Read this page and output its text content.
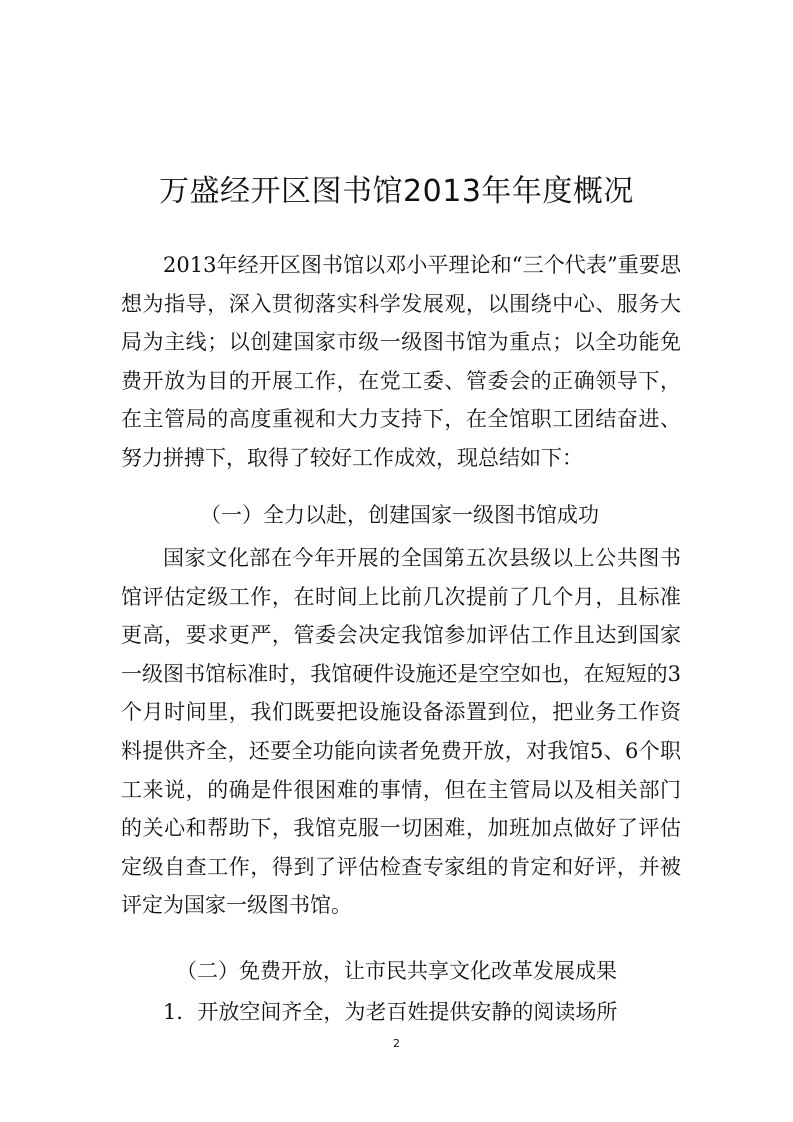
万盛经开区图书馆2013年年度概况

2013年经开区图书馆以邓小平理论和“三个代表”重要思想为指导，深入贯彻落实科学发展观，以围绕中心、服务大局为主线；以创建国家市级一级图书馆为重点；以全功能免费开放为目的开展工作，在党工委、管委会的正确领导下，在主管局的高度重视和大力支持下，在全馆职工团结奋进、努力拼搏下，取得了较好工作成效，现总结如下：

（一）全力以赴，创建国家一级图书馆成功

国家文化部在今年开展的全国第五次县级以上公共图书馆评估定级工作，在时间上比前几次提前了几个月，且标准更高，要求更严，管委会决定我馆参加评估工作且达到国家一级图书馆标准时，我馆硬件设施还是空空如也，在短短的3个月时间里，我们既要把设施设备添置到位，把业务工作资料提供齐全，还要全功能向读者免费开放，对我馆5、6个职工来说，的确是件很困难的事情，但在主管局以及相关部门的关心和帮助下，我馆克服一切困难，加班加点做好了评估定级自查工作，得到了评估检查专家组的肯定和好评，并被评定为国家一级图书馆。

（二）免费开放，让市民共享文化改革发展成果

1．开放空间齐全，为老百姓提供安静的阅读场所

2
